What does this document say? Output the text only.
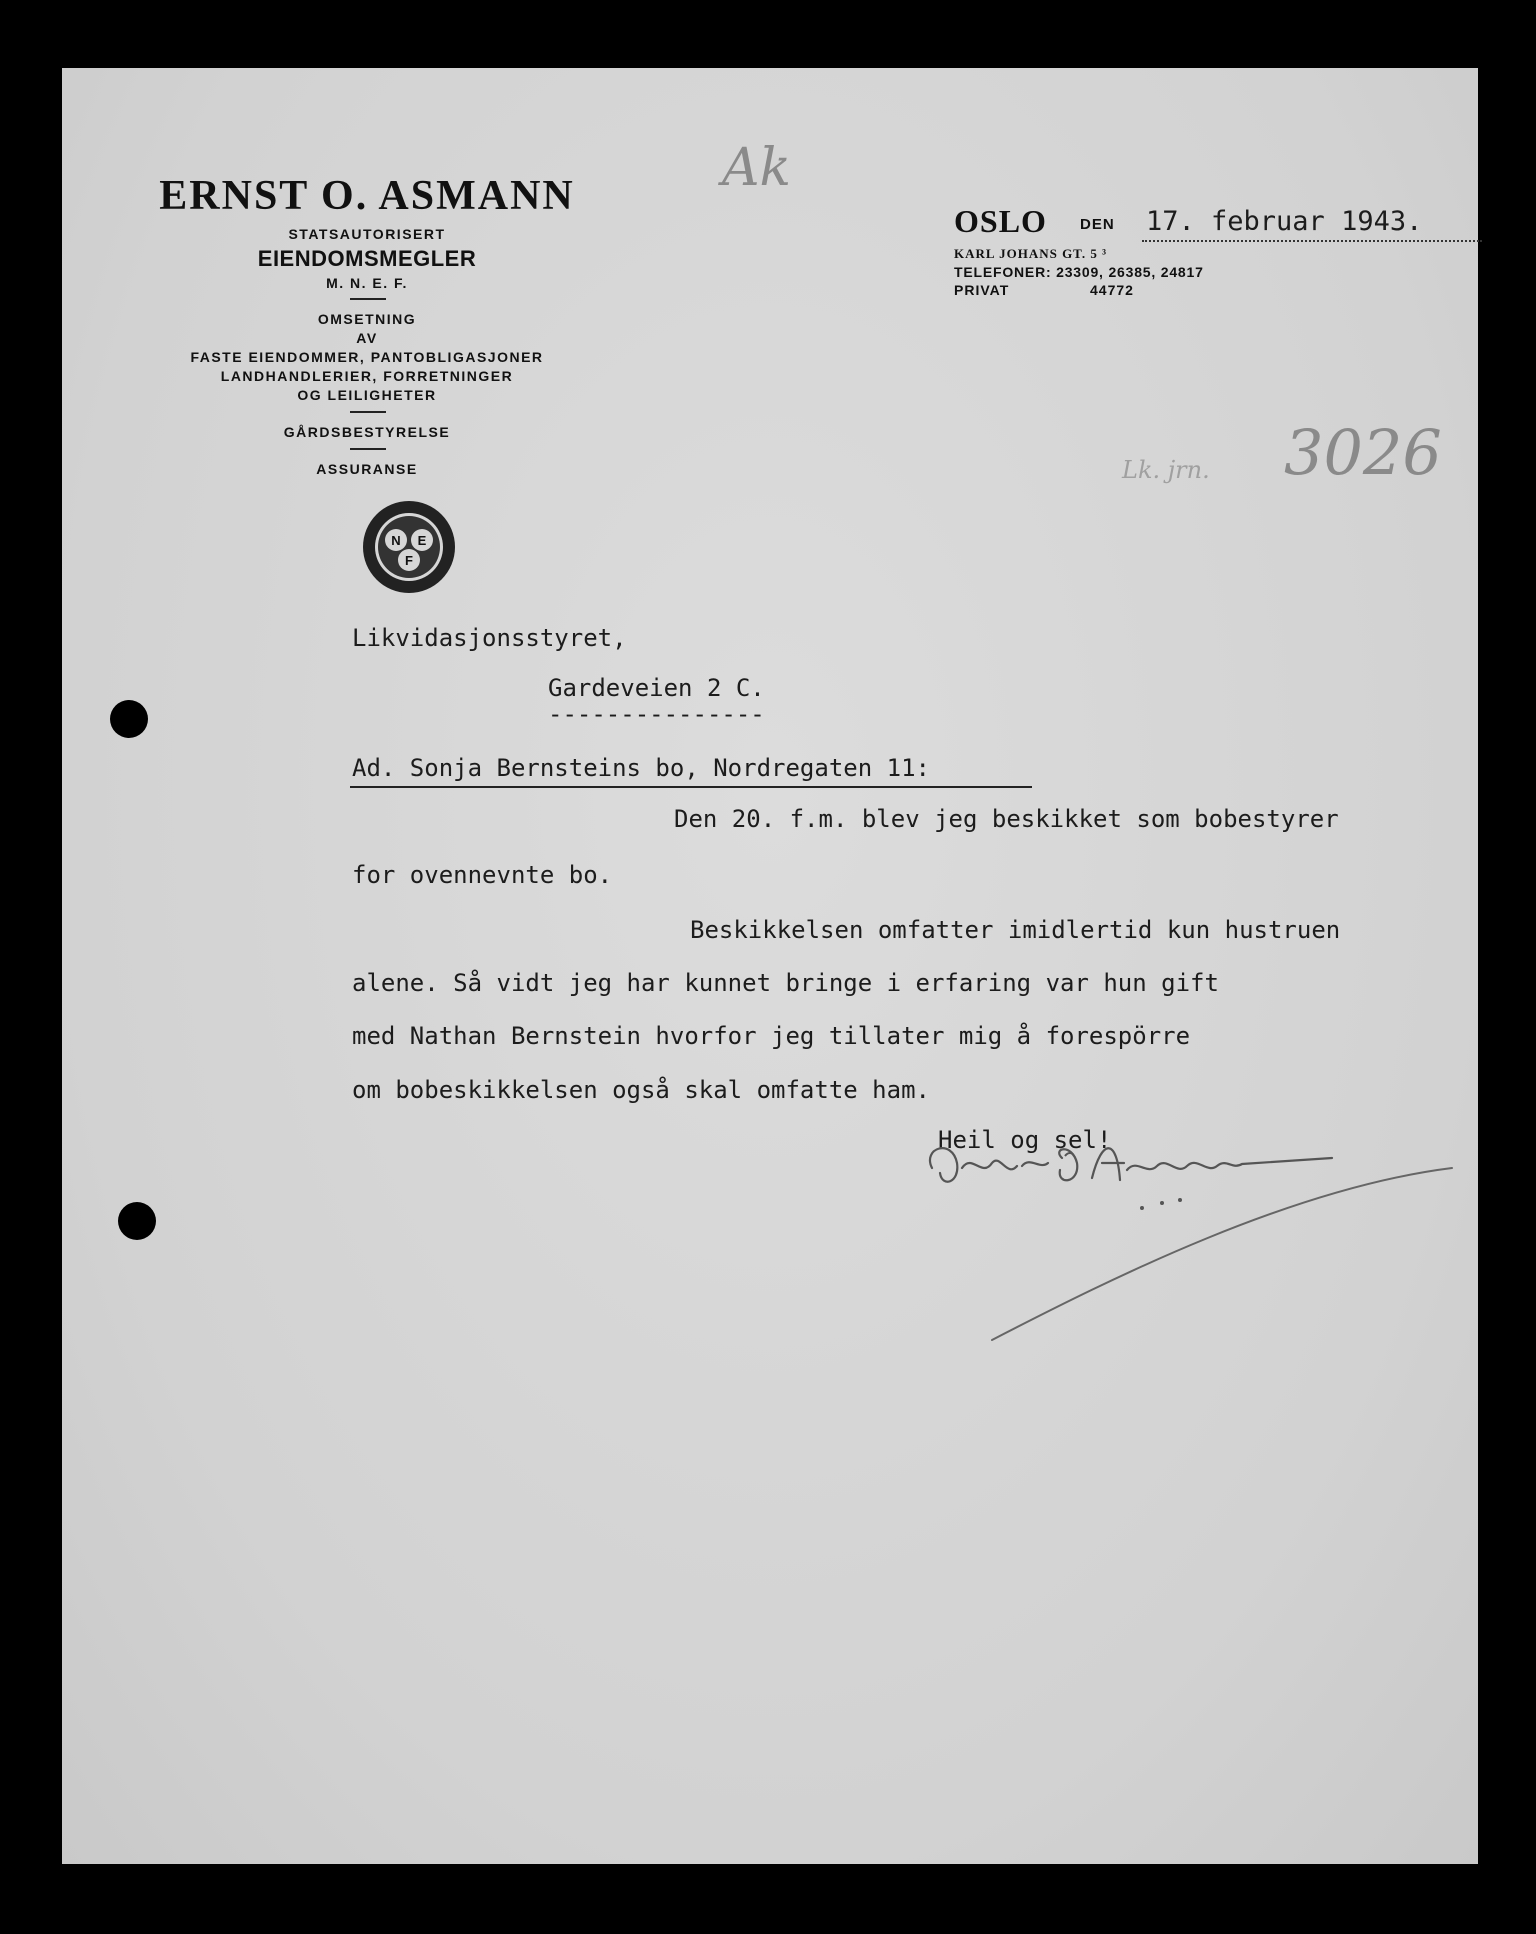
ERNST O. ASMANN
STATSAUTORISERT
EIENDOMSMEGLER
M. N. E. F.
OMSETNING
AV
FASTE EIENDOMMER, PANTOBLIGASJONER
LANDHANDLERIER, FORRETNINGER
OG LEILIGHETER
GÅRDSBESTYRELSE
ASSURANSE
N E
F
OSLO DEN 17. februar 1943.
KARL JOHANS GT. 5 ³
TELEFONER: 23309, 26385, 24817
PRIVAT	44772
Ak
Lk. jrn. 3026
Likvidasjonsstyret,
Gardeveien 2 C.
---------------
Ad. Sonja Bernsteins bo, Nordregaten 11:
Den 20. f.m. blev jeg beskikket som bobestyrer
for ovennevnte bo.
Beskikkelsen omfatter imidlertid kun hustruen
alene. Så vidt jeg har kunnet bringe i erfaring var hun gift
med Nathan Bernstein hvorfor jeg tillater mig å forespörre
om bobeskikkelsen også skal omfatte ham.
Heil og sel!
